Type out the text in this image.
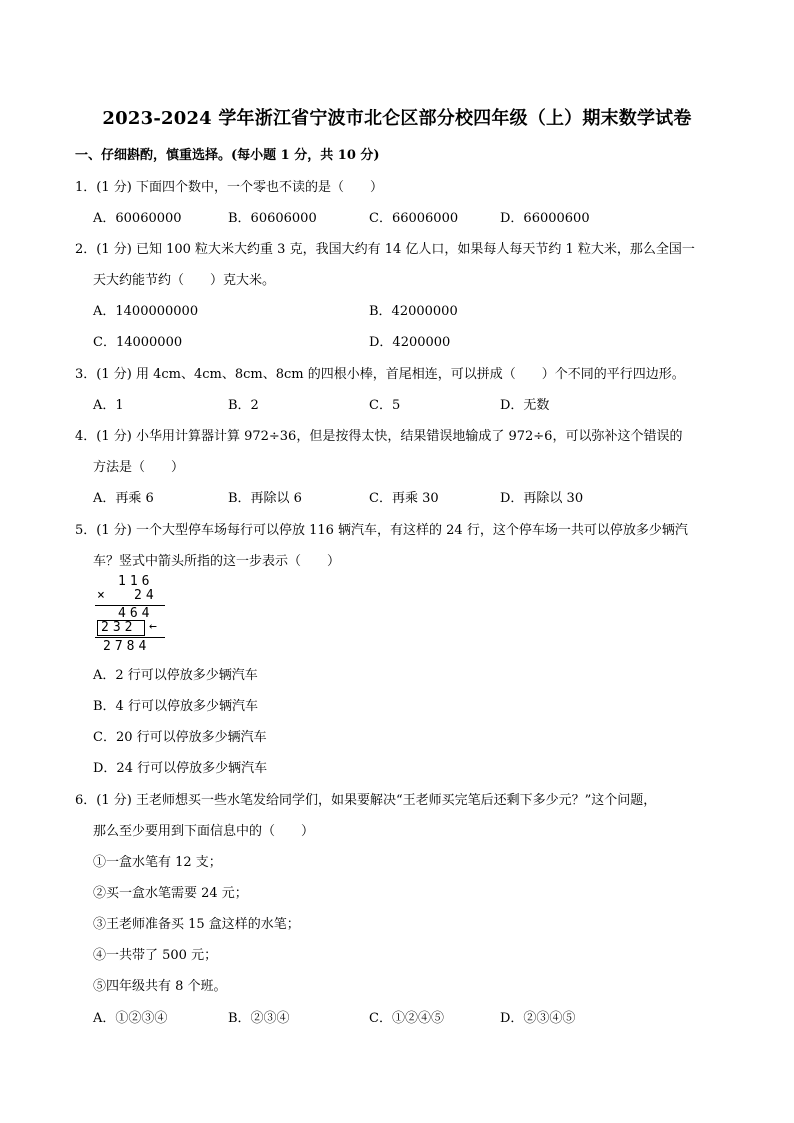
2023-2024 学年浙江省宁波市北仑区部分校四年级（上）期末数学试卷
一、仔细斟酌，慎重选择。(每小题 1 分，共 10 分)
1．(1 分) 下面四个数中，一个零也不读的是（　　）
A．60060000	B．60606000	C．66006000	D．66000600
2．(1 分) 已知 100 粒大米大约重 3 克，我国大约有 14 亿人口，如果每人每天节约 1 粒大米，那么全国一
天大约能节约（　　）克大米。
A．1400000000	B．42000000
C．14000000	D．4200000
3．(1 分) 用 4cm、4cm、8cm、8cm 的四根小棒，首尾相连，可以拼成（　　）个不同的平行四边形。
A．1	B．2	C．5	D．无数
4．(1 分) 小华用计算器计算 972÷36，但是按得太快，结果错误地输成了 972÷6，可以弥补这个错误的
方法是（　　）
A．再乘 6	B．再除以 6	C．再乘 30	D．再除以 30
5．(1 分) 一个大型停车场每行可以停放 116 辆汽车，有这样的 24 行，这个停车场一共可以停放多少辆汽
车？竖式中箭头所指的这一步表示（　　）
116
× 24
464
232 ←
2784
A．2 行可以停放多少辆汽车
B．4 行可以停放多少辆汽车
C．20 行可以停放多少辆汽车
D．24 行可以停放多少辆汽车
6．(1 分) 王老师想买一些水笔发给同学们，如果要解决“王老师买完笔后还剩下多少元？”这个问题，
那么至少要用到下面信息中的（　　）
①一盒水笔有 12 支；
②买一盒水笔需要 24 元；
③王老师准备买 15 盒这样的水笔；
④一共带了 500 元；
⑤四年级共有 8 个班。
A．①②③④	B．②③④	C．①②④⑤	D．②③④⑤
